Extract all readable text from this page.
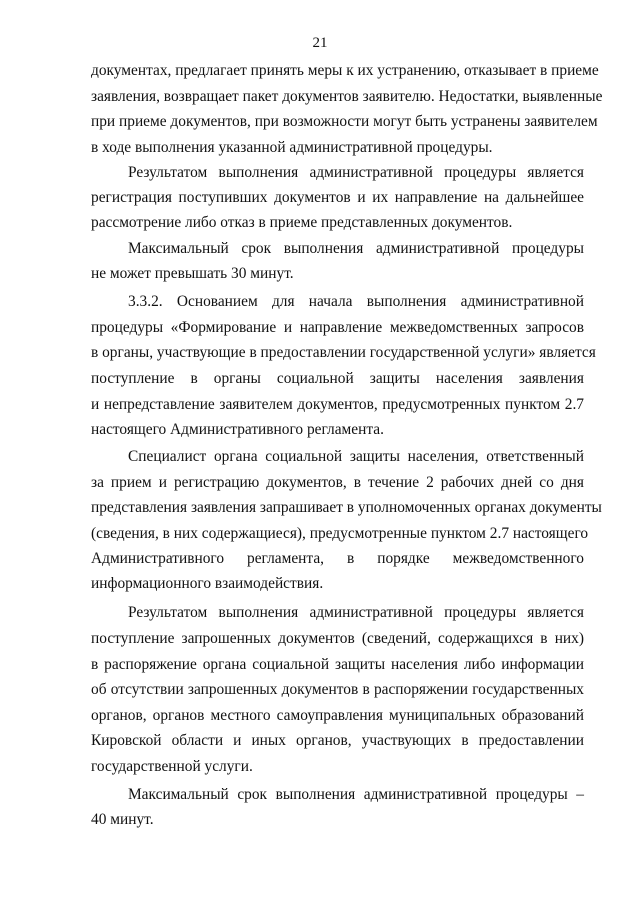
21
документах, предлагает принять меры к их устранению, отказывает в приеме
заявления, возвращает пакет документов заявителю. Недостатки, выявленные
при приеме документов, при возможности могут быть устранены заявителем
в ходе выполнения указанной административной процедуры.
Результатом выполнения административной процедуры является
регистрация поступивших документов и их направление на дальнейшее
рассмотрение либо отказ в приеме представленных документов.
Максимальный срок выполнения административной процедуры
не может превышать 30 минут.
3.3.2. Основанием для начала выполнения административной
процедуры «Формирование и направление межведомственных запросов
в органы, участвующие в предоставлении государственной услуги» является
поступление в органы социальной защиты населения заявления
и непредставление заявителем документов, предусмотренных пунктом 2.7
настоящего Административного регламента.
Специалист органа социальной защиты населения, ответственный
за прием и регистрацию документов, в течение 2 рабочих дней со дня
представления заявления запрашивает в уполномоченных органах документы
(сведения, в них содержащиеся), предусмотренные пунктом 2.7 настоящего
Административного регламента, в порядке межведомственного
информационного взаимодействия.
Результатом выполнения административной процедуры является
поступление запрошенных документов (сведений, содержащихся в них)
в распоряжение органа социальной защиты населения либо информации
об отсутствии запрошенных документов в распоряжении государственных
органов, органов местного самоуправления муниципальных образований
Кировской области и иных органов, участвующих в предоставлении
государственной услуги.
Максимальный срок выполнения административной процедуры –
40 минут.
